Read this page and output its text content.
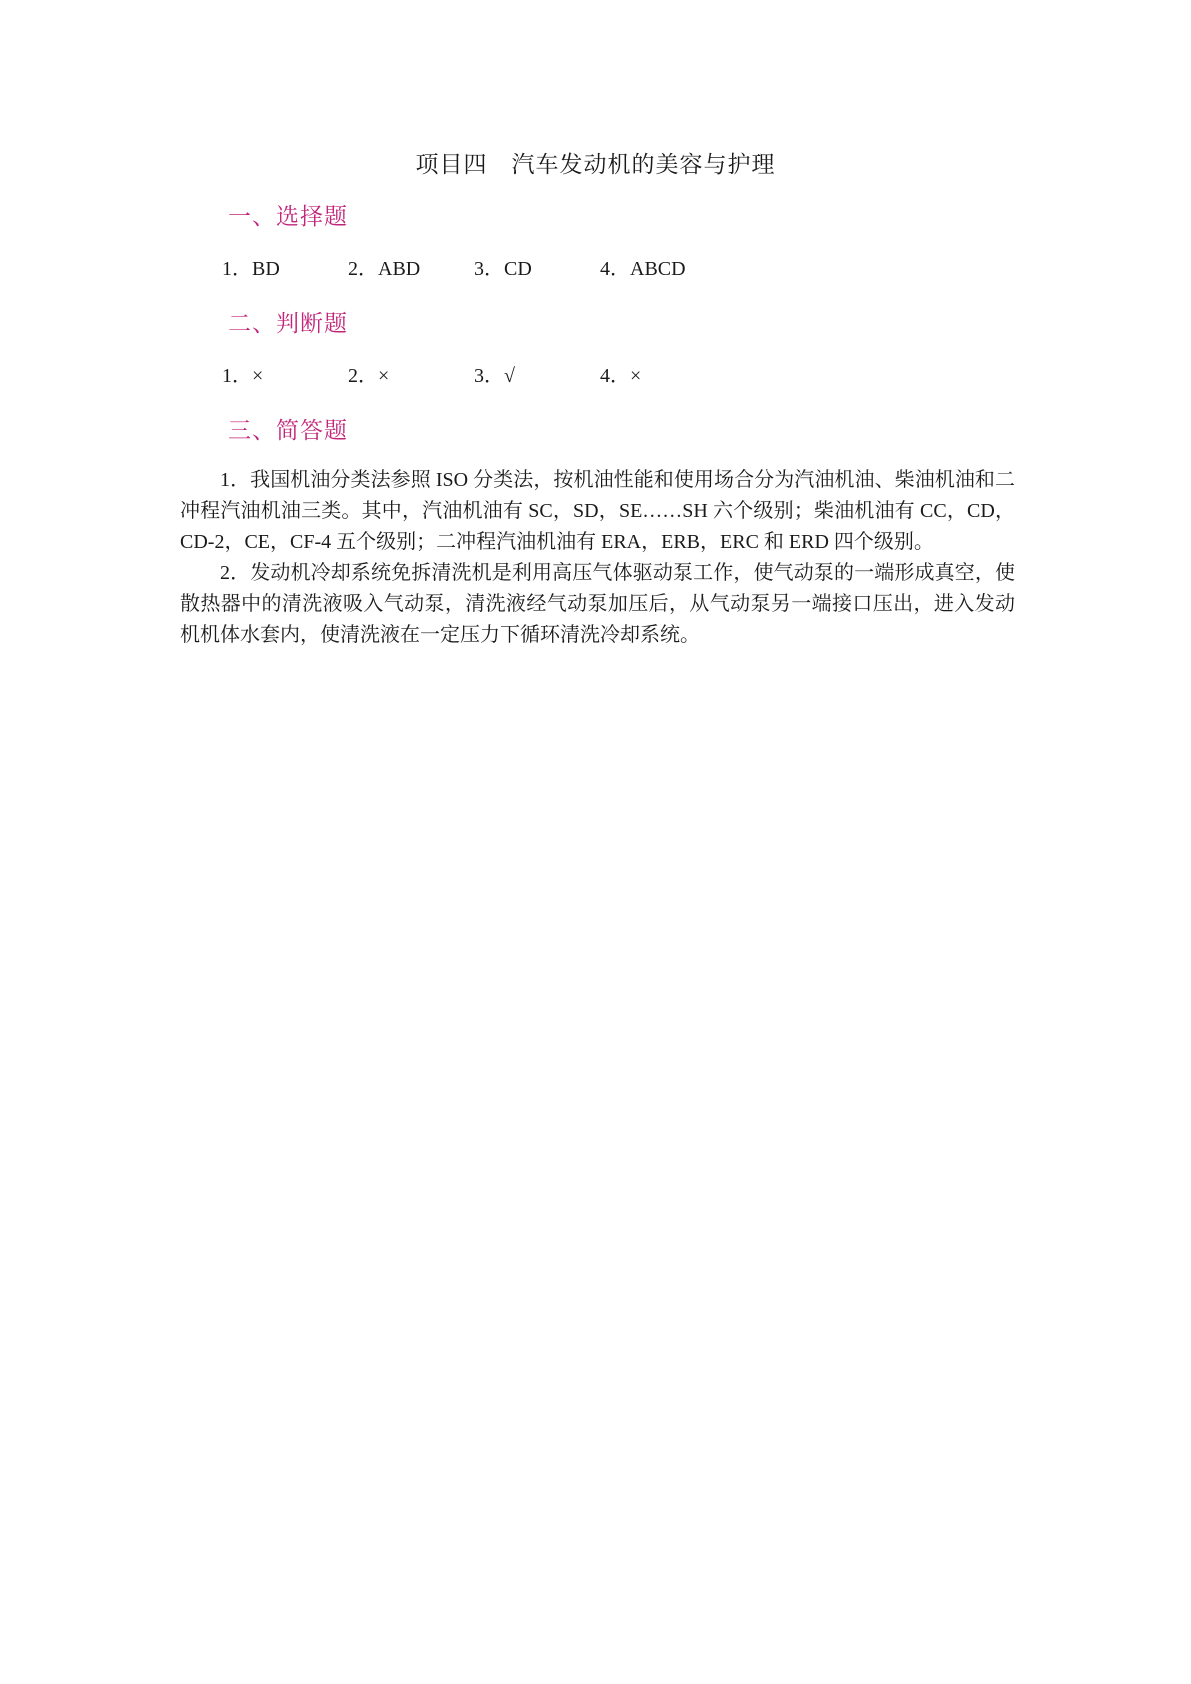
项目四　汽车发动机的美容与护理
一、选择题
1．BD	2．ABD	3．CD	4．ABCD
二、判断题
1．×	2．×	3．√	4．×
三、简答题
1．我国机油分类法参照 ISO 分类法，按机油性能和使用场合分为汽油机油、柴油机油和二冲程汽油机油三类。其中，汽油机油有 SC，SD，SE……SH 六个级别；柴油机油有 CC，CD，CD-2，CE，CF-4 五个级别；二冲程汽油机油有 ERA，ERB，ERC 和 ERD 四个级别。
2．发动机冷却系统免拆清洗机是利用高压气体驱动泵工作，使气动泵的一端形成真空，使散热器中的清洗液吸入气动泵，清洗液经气动泵加压后，从气动泵另一端接口压出，进入发动机机体水套内，使清洗液在一定压力下循环清洗冷却系统。
